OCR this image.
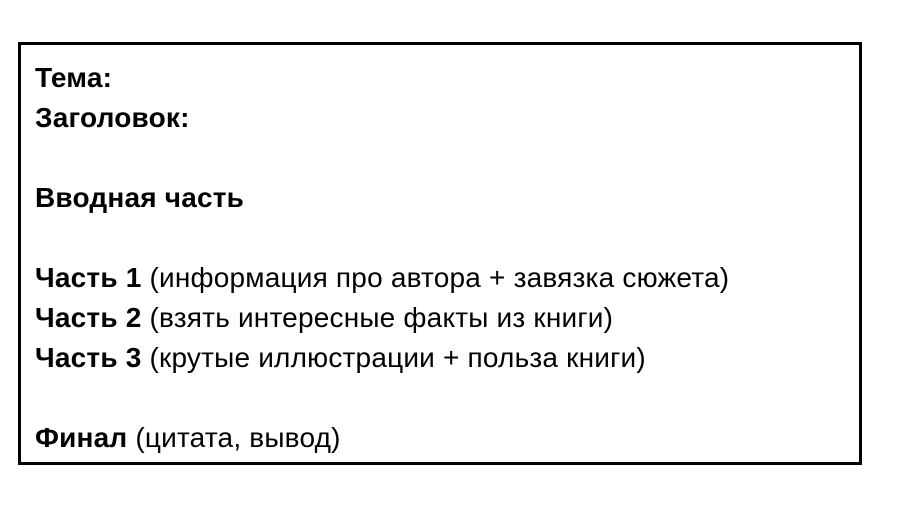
Тема:
Заголовок:
Вводная часть
Часть 1 (информация про автора + завязка сюжета)
Часть 2 (взять интересные факты из книги)
Часть 3 (крутые иллюстрации + польза книги)
Финал (цитата, вывод)
